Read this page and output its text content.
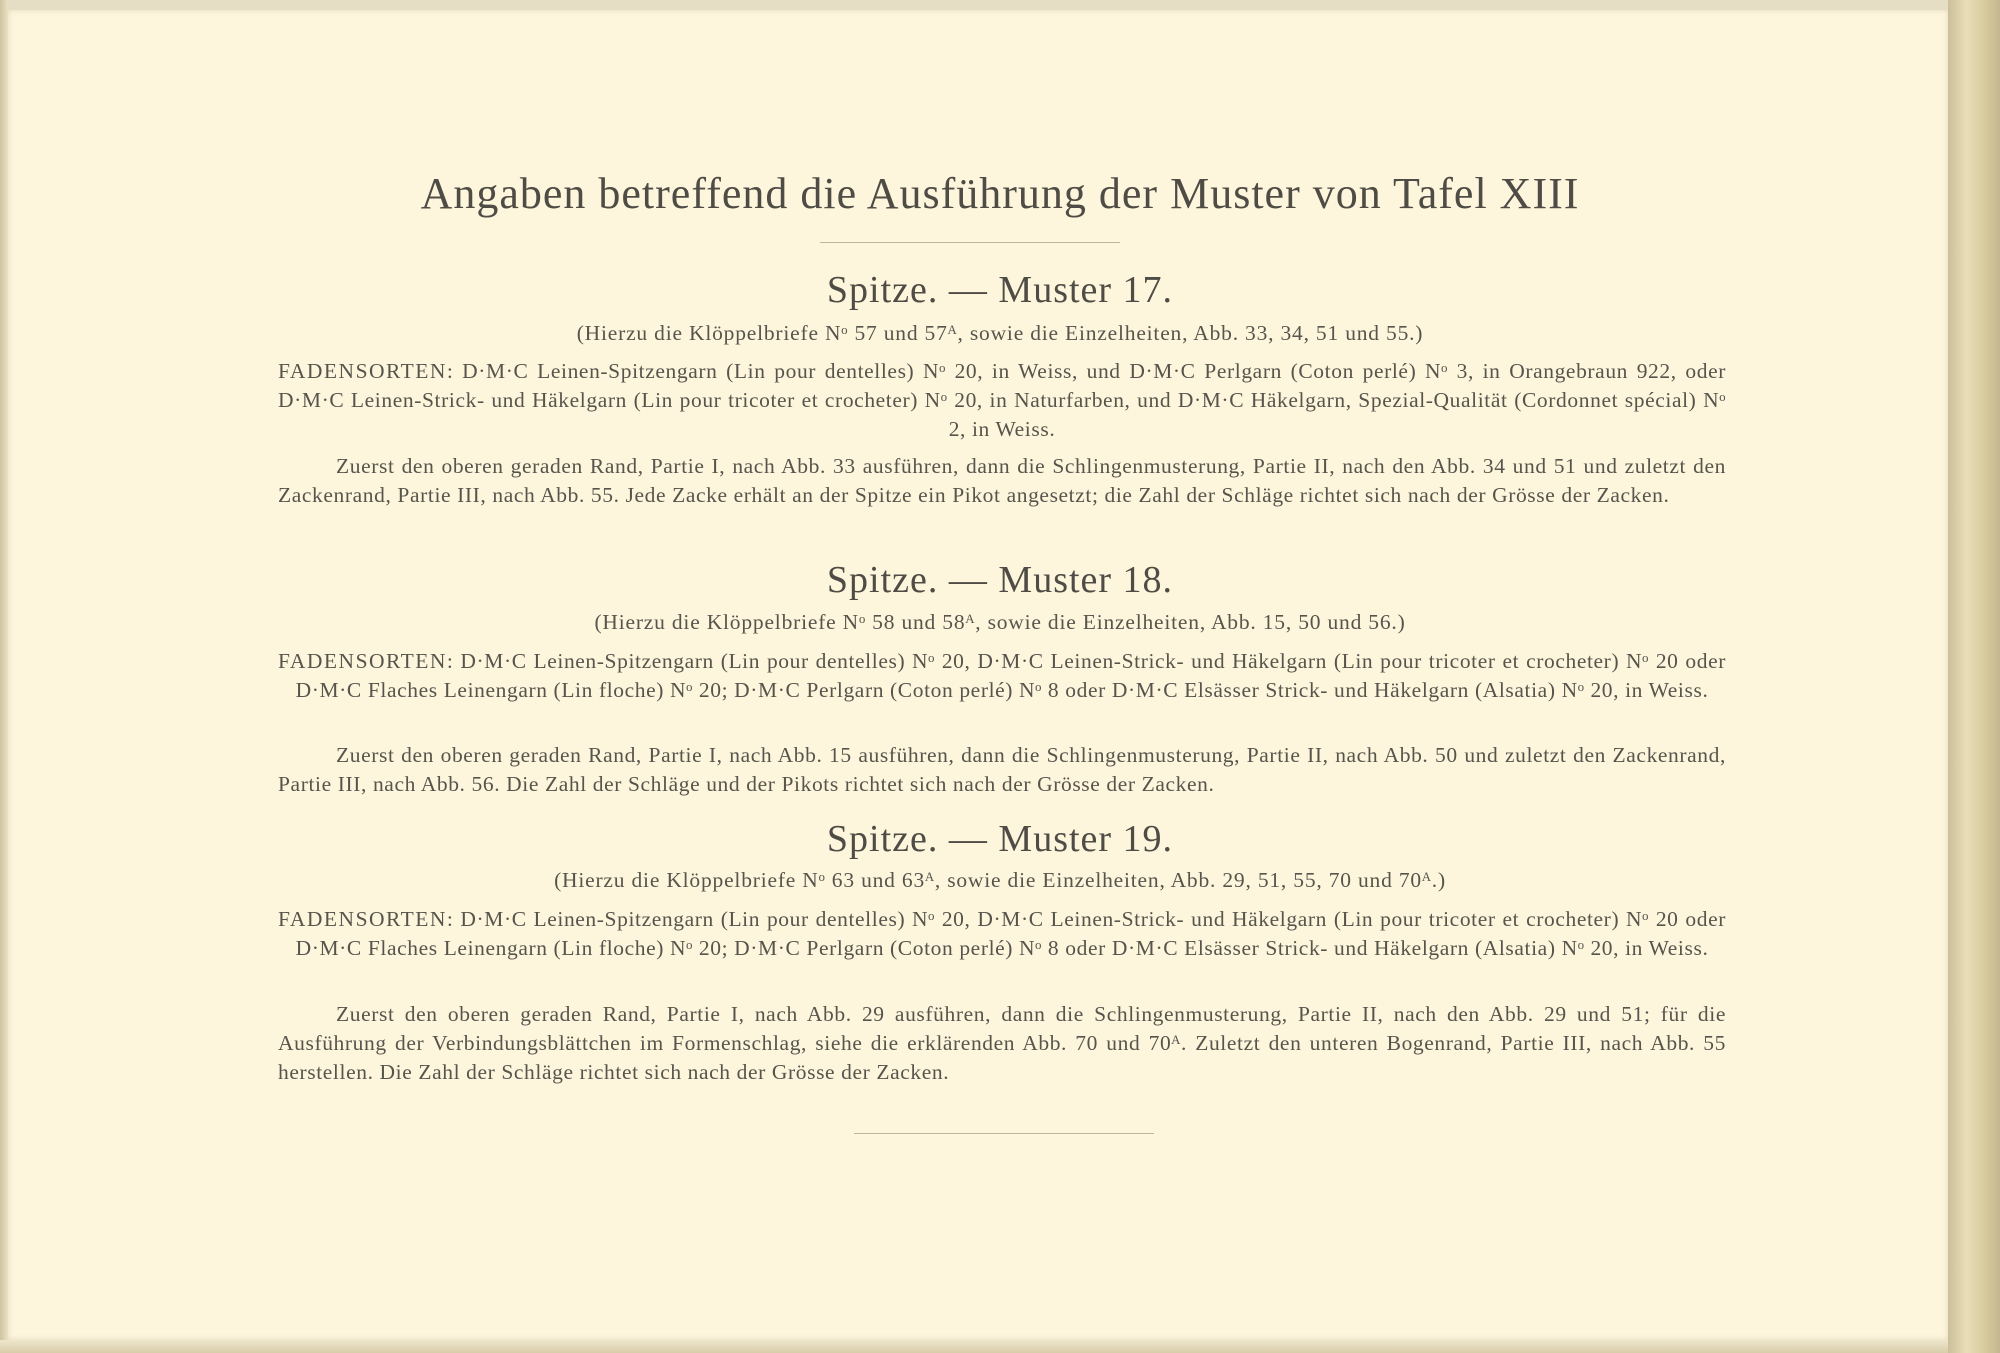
Angaben betreffend die Ausführung der Muster von Tafel XIII
Spitze. — Muster 17.
(Hierzu die Klöppelbriefe Nᵒ 57 und 57ᴬ, sowie die Einzelheiten, Abb. 33, 34, 51 und 55.)
FADENSORTEN: D·M·C Leinen-Spitzengarn (Lin pour dentelles) Nᵒ 20, in Weiss, und D·M·C Perlgarn (Coton perlé) Nᵒ 3, in Orangebraun 922, oder D·M·C Leinen-Strick- und Häkelgarn (Lin pour tricoter et crocheter) Nᵒ 20, in Naturfarben, und D·M·C Häkelgarn, Spezial-Qualität (Cordonnet spécial) Nᵒ 2, in Weiss.
Zuerst den oberen geraden Rand, Partie I, nach Abb. 33 ausführen, dann die Schlingenmusterung, Partie II, nach den Abb. 34 und 51 und zuletzt den Zackenrand, Partie III, nach Abb. 55. Jede Zacke erhält an der Spitze ein Pikot angesetzt; die Zahl der Schläge richtet sich nach der Grösse der Zacken.
Spitze. — Muster 18.
(Hierzu die Klöppelbriefe Nᵒ 58 und 58ᴬ, sowie die Einzelheiten, Abb. 15, 50 und 56.)
FADENSORTEN: D·M·C Leinen-Spitzengarn (Lin pour dentelles) Nᵒ 20, D·M·C Leinen-Strick- und Häkelgarn (Lin pour tricoter et crocheter) Nᵒ 20 oder D·M·C Flaches Leinengarn (Lin floche) Nᵒ 20; D·M·C Perlgarn (Coton perlé) Nᵒ 8 oder D·M·C Elsässer Strick- und Häkelgarn (Alsatia) Nᵒ 20, in Weiss.
Zuerst den oberen geraden Rand, Partie I, nach Abb. 15 ausführen, dann die Schlingenmusterung, Partie II, nach Abb. 50 und zuletzt den Zackenrand, Partie III, nach Abb. 56. Die Zahl der Schläge und der Pikots richtet sich nach der Grösse der Zacken.
Spitze. — Muster 19.
(Hierzu die Klöppelbriefe Nᵒ 63 und 63ᴬ, sowie die Einzelheiten, Abb. 29, 51, 55, 70 und 70ᴬ.)
FADENSORTEN: D·M·C Leinen-Spitzengarn (Lin pour dentelles) Nᵒ 20, D·M·C Leinen-Strick- und Häkelgarn (Lin pour tricoter et crocheter) Nᵒ 20 oder D·M·C Flaches Leinengarn (Lin floche) Nᵒ 20; D·M·C Perlgarn (Coton perlé) Nᵒ 8 oder D·M·C Elsässer Strick- und Häkelgarn (Alsatia) Nᵒ 20, in Weiss.
Zuerst den oberen geraden Rand, Partie I, nach Abb. 29 ausführen, dann die Schlingenmusterung, Partie II, nach den Abb. 29 und 51; für die Ausführung der Verbindungsblättchen im Formenschlag, siehe die erklärenden Abb. 70 und 70ᴬ. Zuletzt den unteren Bogenrand, Partie III, nach Abb. 55 herstellen. Die Zahl der Schläge richtet sich nach der Grösse der Zacken.
